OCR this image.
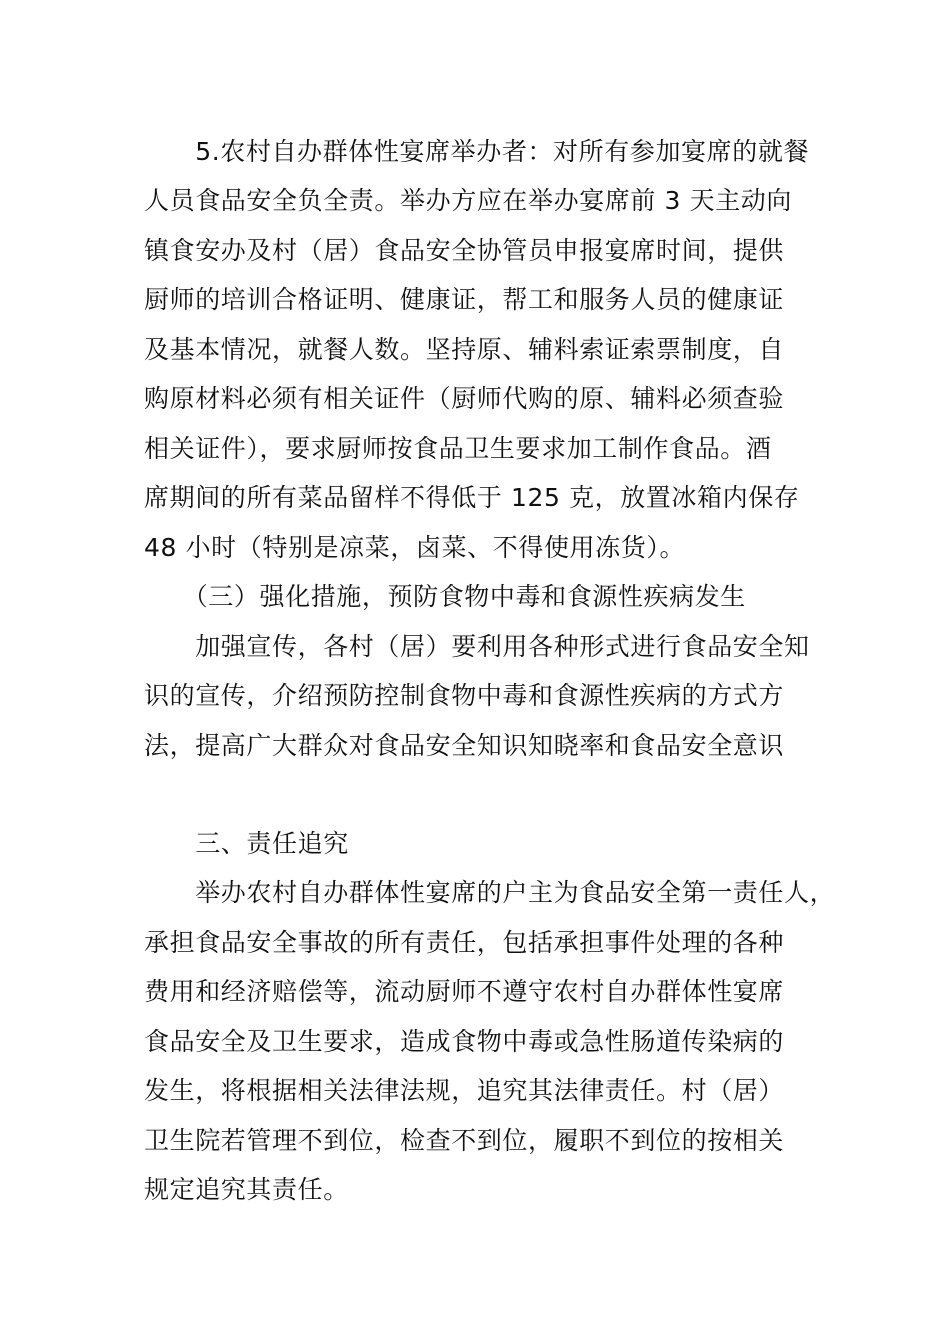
　　5.农村自办群体性宴席举办者：对所有参加宴席的就餐
人员食品安全负全责。举办方应在举办宴席前 3 天主动向
镇食安办及村（居）食品安全协管员申报宴席时间，提供
厨师的培训合格证明、健康证，帮工和服务人员的健康证
及基本情况，就餐人数。坚持原、辅料索证索票制度，自
购原材料必须有相关证件（厨师代购的原、辅料必须查验
相关证件），要求厨师按食品卫生要求加工制作食品。酒
席期间的所有菜品留样不得低于 125 克，放置冰箱内保存
48 小时（特别是凉菜，卤菜、不得使用冻货）。
　　（三）强化措施，预防食物中毒和食源性疾病发生
　　加强宣传，各村（居）要利用各种形式进行食品安全知
识的宣传，介绍预防控制食物中毒和食源性疾病的方式方
法，提高广大群众对食品安全知识知晓率和食品安全意识
　　三、责任追究
　　举办农村自办群体性宴席的户主为食品安全第一责任人，
承担食品安全事故的所有责任，包括承担事件处理的各种
费用和经济赔偿等，流动厨师不遵守农村自办群体性宴席
食品安全及卫生要求，造成食物中毒或急性肠道传染病的
发生，将根据相关法律法规，追究其法律责任。村（居）
卫生院若管理不到位，检查不到位，履职不到位的按相关
规定追究其责任。
